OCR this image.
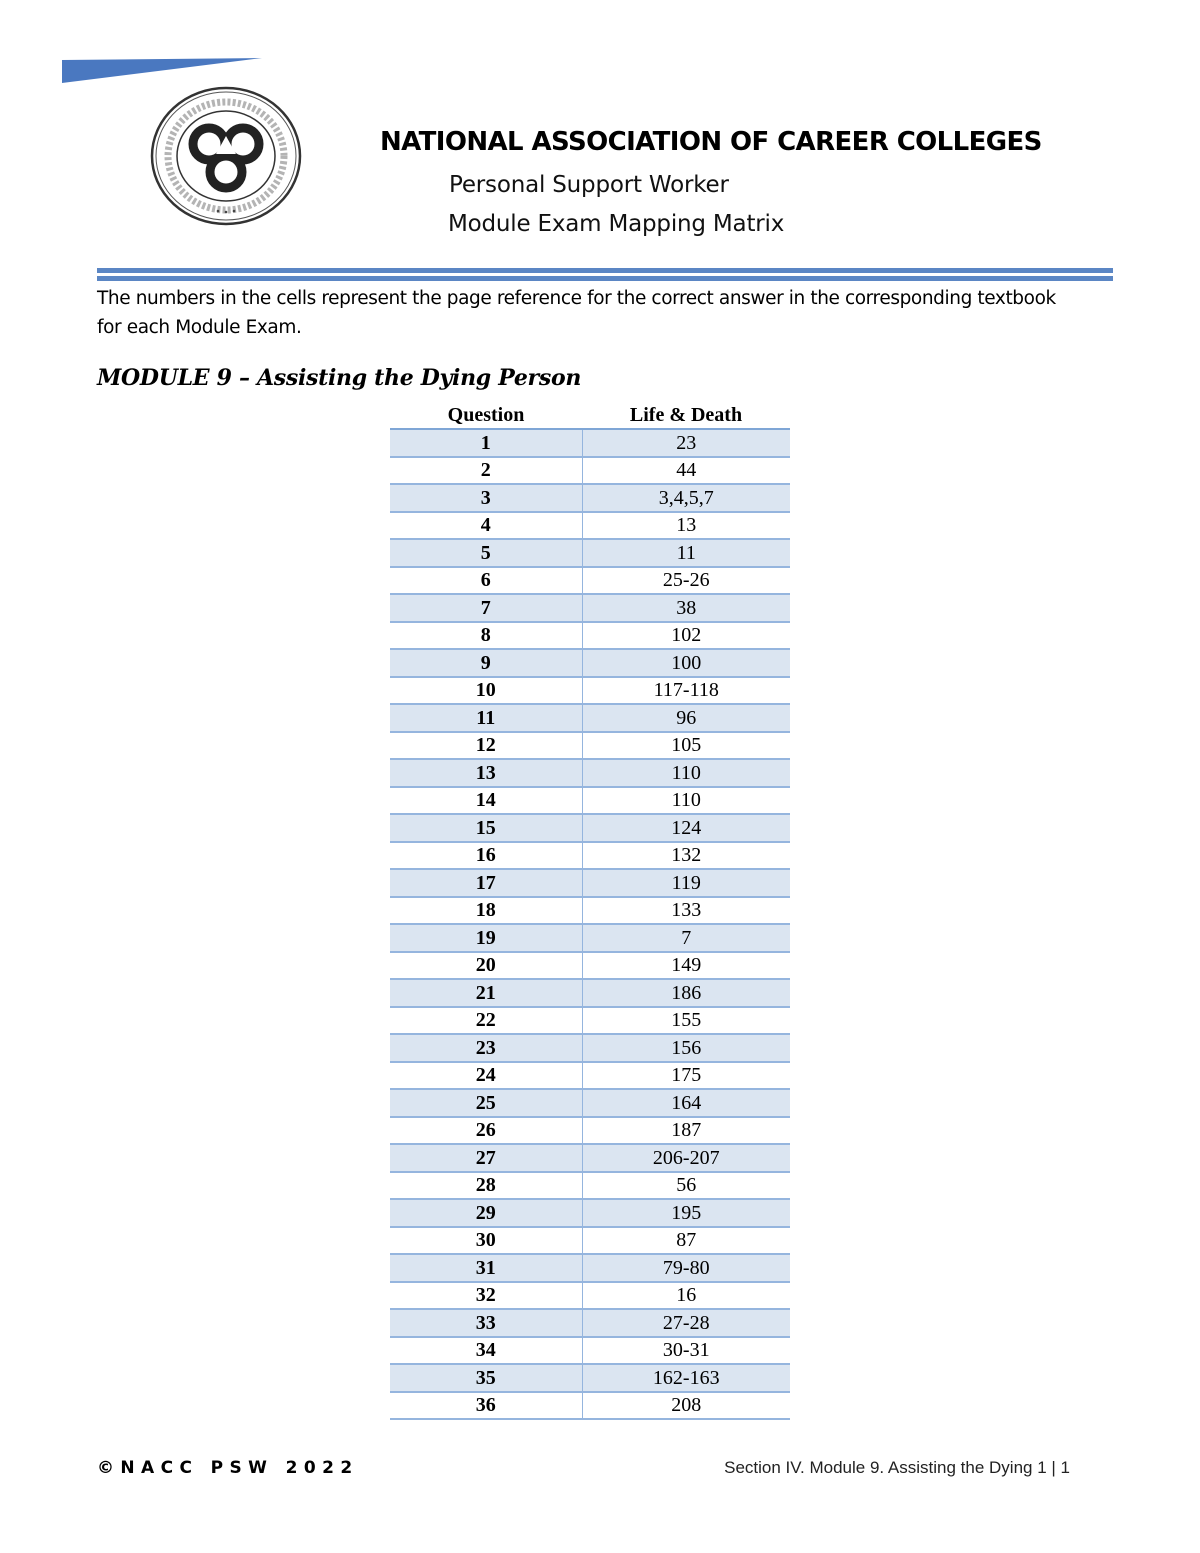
NATIONAL ASSOCIATION OF CAREER COLLEGES

Personal Support Worker

Module Exam Mapping Matrix

The numbers in the cells represent the page reference for the correct answer in the corresponding textbook for each Module Exam.

MODULE 9 – Assisting the Dying Person
Question	Life & Death
1	23
2	44
3	3,4,5,7
4	13
5	11
6	25-26
7	38
8	102
9	100
10	117-118
11	96
12	105
13	110
14	110
15	124
16	132
17	119
18	133
19	7
20	149
21	186
22	155
23	156
24	175
25	164
26	187
27	206-207
28	56
29	195
30	87
31	79-80
32	16
33	27-28
34	30-31
35	162-163
36	208

©NACC PSW 2022	Section IV. Module 9. Assisting the Dying 1 | 1
